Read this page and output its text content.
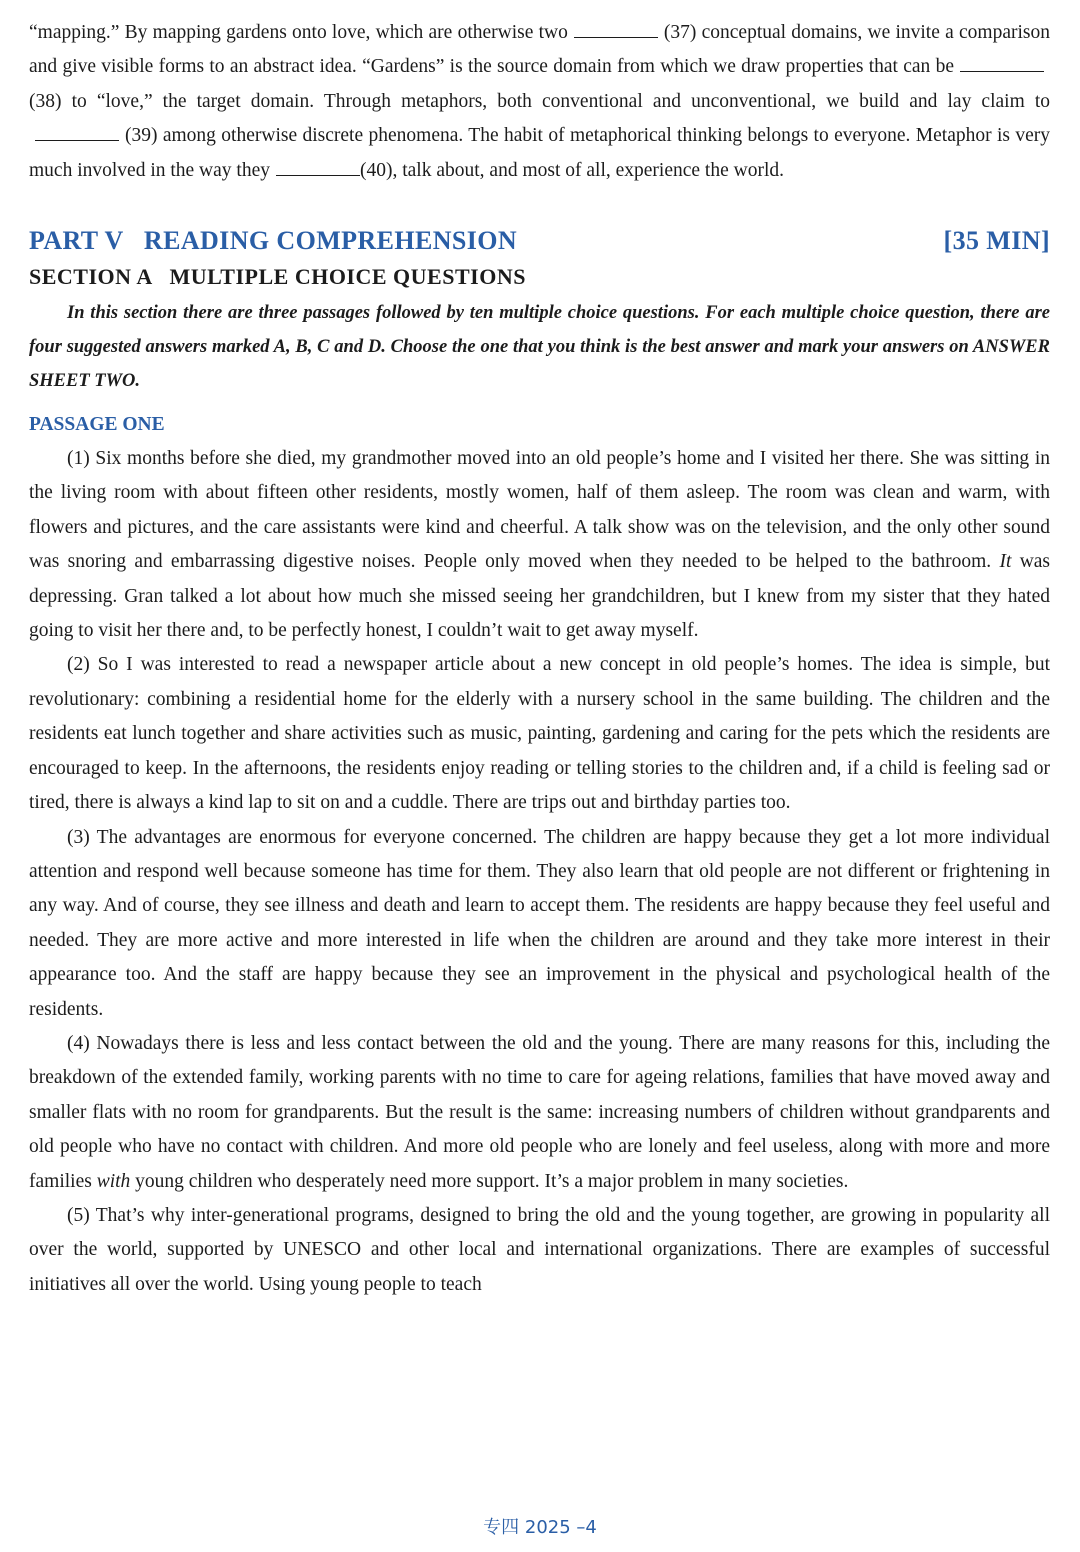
“mapping.” By mapping gardens onto love, which are otherwise two	(37) conceptual domains, we invite a comparison and give visible forms to an abstract idea. “Gardens” is the source domain from which we draw properties that can be(38) to “love,” the target domain. Through metaphors, both conventional and unconventional, we build and lay claim to(39) among otherwise discrete phenomena. The habit of metaphorical thinking belongs to everyone. Metaphor is very much involved in the way they	(40), talk about, and most of all, experience the world.

PART V   READING COMPREHENSION	[35 MIN]
SECTION A   MULTIPLE CHOICE QUESTIONS
In this section there are three passages followed by ten multiple choice questions. For each multiple choice question, there are four suggested answers marked A, B, C and D. Choose the one that you think is the best answer and mark your answers on ANSWER SHEET TWO.
PASSAGE ONE

(1) Six months before she died, my grandmother moved into an old people’s home and I visited her there. She was sitting in the living room with about fifteen other residents, mostly women, half of them asleep. The room was clean and warm, with flowers and pictures, and the care assistants were kind and cheerful. A talk show was on the television, and the only other sound was snoring and embarrassing digestive noises. People only moved when they needed to be helped to the bathroom. It was depressing. Gran talked a lot about how much she missed seeing her grandchildren, but I knew from my sister that they hated going to visit her there and, to be perfectly honest, I couldn’t wait to get away myself.

(2) So I was interested to read a newspaper article about a new concept in old people’s homes. The idea is simple, but revolutionary: combining a residential home for the elderly with a nursery school in the same building. The children and the residents eat lunch together and share activities such as music, painting, gardening and caring for the pets which the residents are encouraged to keep. In the afternoons, the residents enjoy reading or telling stories to the children and, if a child is feeling sad or tired, there is always a kind lap to sit on and a cuddle. There are trips out and birthday parties too.

(3) The advantages are enormous for everyone concerned. The children are happy because they get a lot more individual attention and respond well because someone has time for them. They also learn that old people are not different or frightening in any way. And of course, they see illness and death and learn to accept them. The residents are happy because they feel useful and needed. They are more active and more interested in life when the children are around and they take more interest in their appearance too. And the staff are happy because they see an improvement in the physical and psychological health of the residents.

(4) Nowadays there is less and less contact between the old and the young. There are many reasons for this, including the breakdown of the extended family, working parents with no time to care for ageing relations, families that have moved away and smaller flats with no room for grandparents. But the result is the same: increasing numbers of children without grandparents and old people who have no contact with children. And more old people who are lonely and feel useless, along with more and more families with young children who desperately need more support. It’s a major problem in many societies.

(5) That’s why inter-generational programs, designed to bring the old and the young together, are growing in popularity all over the world, supported by UNESCO and other local and international organizations. There are examples of successful initiatives all over the world. Using young people to teach

专四 2025 –4
